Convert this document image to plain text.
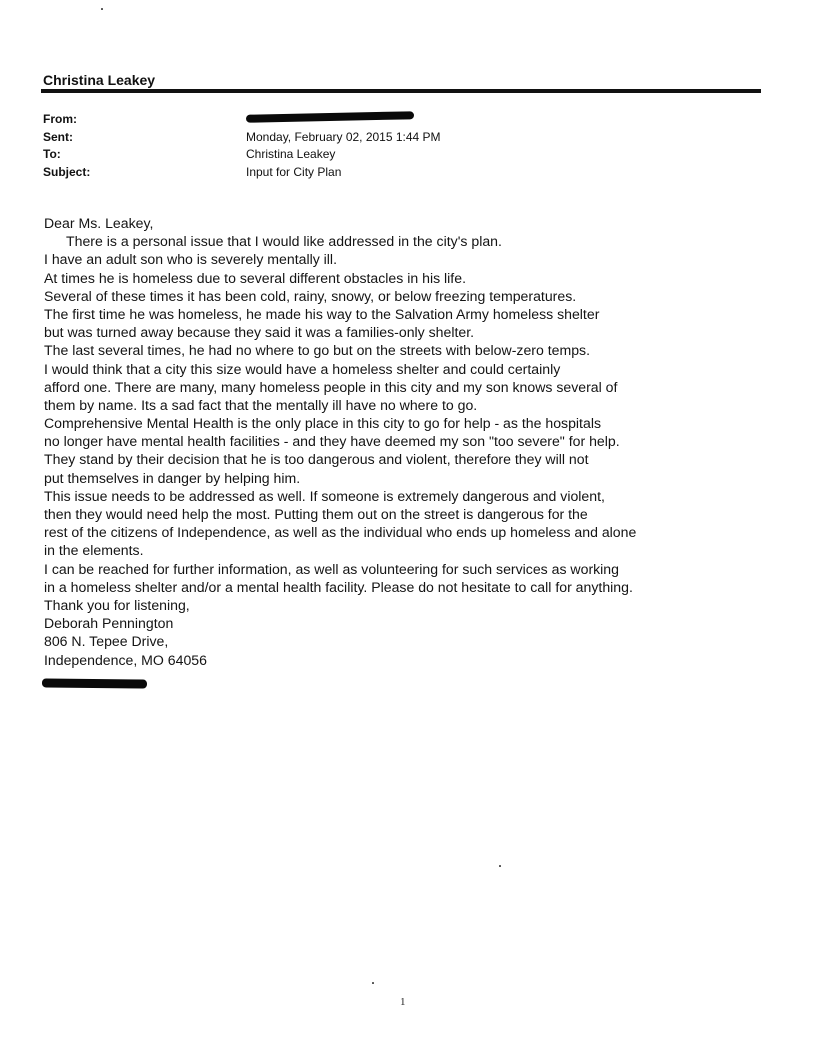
Christina Leakey
From:
Sent:
To:
Subject:
Monday, February 02, 2015 1:44 PM
Christina Leakey
Input for City Plan
Dear Ms. Leakey,
There is a personal issue that I would like addressed in the city's plan.
I have an adult son who is severely mentally ill.
At times he is homeless due to several different obstacles in his life.
Several of these times it has been cold, rainy, snowy, or below freezing temperatures.
The first time he was homeless, he made his way to the Salvation Army homeless shelter
but was turned away because they said it was a families-only shelter.
The last several times, he had no where to go but on the streets with below-zero temps.
I would think that a city this size would have a homeless shelter and could certainly
afford one. There are many, many homeless people in this city and my son knows several of
them by name. Its a sad fact that the mentally ill have no where to go.
Comprehensive Mental Health is the only place in this city to go for help - as the hospitals
no longer have mental health facilities - and they have deemed my son "too severe" for help.
They stand by their decision that he is too dangerous and violent, therefore they will not
put themselves in danger by helping him.
This issue needs to be addressed as well. If someone is extremely dangerous and violent,
then they would need help the most. Putting them out on the street is dangerous for the
rest of the citizens of Independence, as well as the individual who ends up homeless and alone
in the elements.
I can be reached for further information, as well as volunteering for such services as working
in a homeless shelter and/or a mental health facility. Please do not hesitate to call for anything.
Thank you for listening,
Deborah Pennington
806 N. Tepee Drive,
Independence, MO 64056
1
